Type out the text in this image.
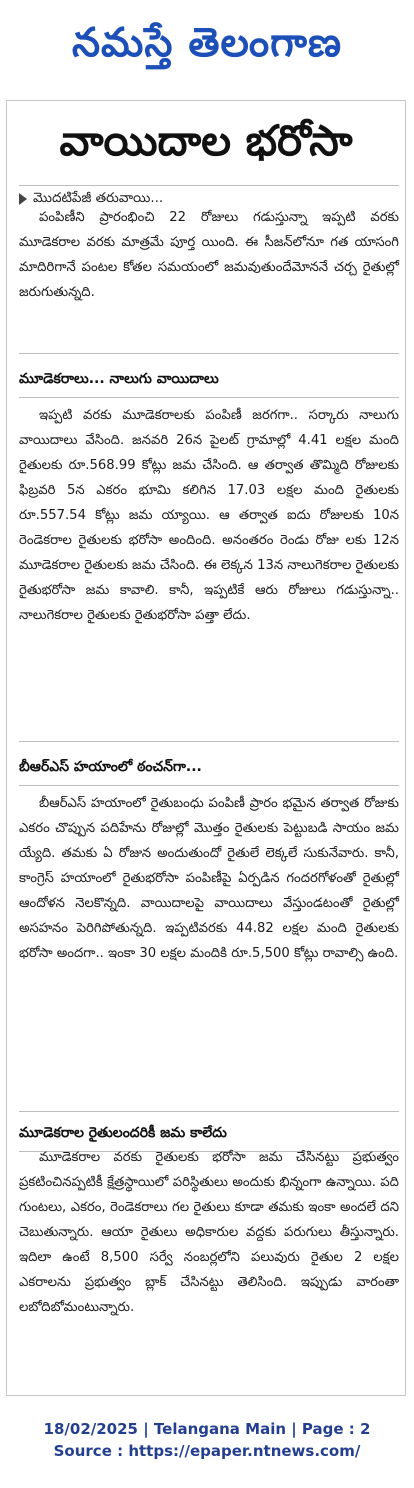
నమస్తే తెలంగాణ
వాయిదాల భరోసా
మొదటిపేజీ తరువాయి...

పంపిణీని ప్రారంభించి 22 రోజులు గడుస్తున్నా ఇప్పటి వరకు మూడెకరాల వరకు మాత్రమే పూర్త యింది. ఈ సీజన్‌లోనూ గత యాసంగి మాదిరిగానే పంటల కోతల సమయంలో జమవుతుందేమోననే చర్చ రైతుల్లో జరుగుతున్నది.

మూడెకరాలు... నాలుగు వాయిదాలు

ఇప్పటి వరకు మూడెకరాలకు పంపిణీ జరగగా.. సర్కారు నాలుగు వాయిదాలు వేసింది. జనవరి 26న పైలట్ గ్రామాల్లో 4.41 లక్షల మంది రైతులకు రూ.568.99 కోట్లు జమ చేసింది. ఆ తర్వాత తొమ్మిది రోజులకు ఫిబ్రవరి 5న ఎకరం భూమి కలిగిన 17.03 లక్షల మంది రైతులకు రూ.557.54 కోట్లు జమ య్యాయి. ఆ తర్వాత ఐదు రోజులకు 10న రెండెకరాల రైతులకు భరోసా అందింది. అనంతరం రెండు రోజు లకు 12న మూడెకరాల రైతులకు జమ చేసింది. ఈ లెక్కన 13న నాలుగెకరాల రైతులకు రైతుభరోసా జమ కావాలి. కానీ, ఇప్పటికే ఆరు రోజులు గడుస్తున్నా.. నాలుగెకరాల రైతులకు రైతుభరోసా పత్తా లేదు.

బీఆర్‌ఎస్ హయాంలో ఠంచన్‌గా...

బీఆర్‌ఎస్ హయాంలో రైతుబంధు పంపిణీ ప్రారం భమైన తర్వాత రోజుకు ఎకరం చొప్పున పదిహేను రోజుల్లో మొత్తం రైతులకు పెట్టుబడి సాయం జమ య్యేది. తమకు ఏ రోజున అందుతుందో రైతులే లెక్కలే సుకునేవారు. కానీ, కాంగ్రెస్ హయాంలో రైతుభరోసా పంపిణీపై ఏర్పడిన గందరగోళంతో రైతుల్లో ఆందోళన నెలకొన్నది. వాయిదాలపై వాయిదాలు వేస్తుండటంతో రైతుల్లో అసహనం పెరిగిపోతున్నది. ఇప్పటివరకు 44.82 లక్షల మంది రైతులకు భరోసా అందగా.. ఇంకా 30 లక్షల మందికి రూ.5,500 కోట్లు రావాల్సి ఉంది.

మూడెకరాల రైతులందరికీ జమ కాలేదు

మూడెకరాల వరకు రైతులకు భరోసా జమ చేసినట్టు ప్రభుత్వం ప్రకటించినప్పటికీ క్షేత్రస్థాయిలో పరిస్థితులు అందుకు భిన్నంగా ఉన్నాయి. పది గుంటలు, ఎకరం, రెండెకరాలు గల రైతులు కూడా తమకు ఇంకా అందలే దని చెబుతున్నారు. ఆయా రైతులు అధికారుల వద్దకు పరుగులు తీస్తున్నారు. ఇదిలా ఉంటే 8,500 సర్వే నంబర్లలోని పలువురు రైతుల 2 లక్షల ఎకరాలను ప్రభుత్వం బ్లాక్ చేసినట్టు తెలిసింది. ఇప్పుడు వారంతా లబోదిబోమంటున్నారు.

18/02/2025 | Telangana Main | Page : 2
Source : https://epaper.ntnews.com/
